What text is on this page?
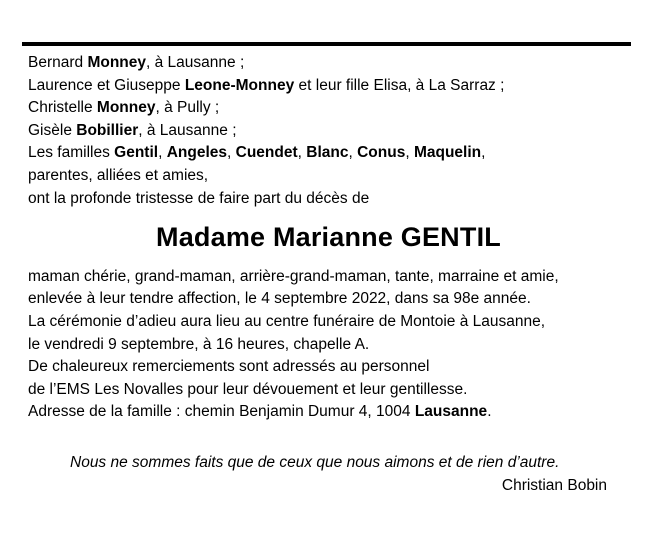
Bernard Monney, à Lausanne ;
Laurence et Giuseppe Leone-Monney et leur fille Elisa, à La Sarraz ;
Christelle Monney, à Pully ;
Gisèle Bobillier, à Lausanne ;
Les familles Gentil, Angeles, Cuendet, Blanc, Conus, Maquelin,
parentes, alliées et amies,
ont la profonde tristesse de faire part du décès de
Madame Marianne GENTIL
maman chérie, grand-maman, arrière-grand-maman, tante, marraine et amie,
enlevée à leur tendre affection, le 4 septembre 2022, dans sa 98e année.
La cérémonie d’adieu aura lieu au centre funéraire de Montoie à Lausanne,
le vendredi 9 septembre, à 16 heures, chapelle A.
De chaleureux remerciements sont adressés au personnel
de l’EMS Les Novalles pour leur dévouement et leur gentillesse.
Adresse de la famille : chemin Benjamin Dumur 4, 1004 Lausanne.
Nous ne sommes faits que de ceux que nous aimons et de rien d’autre.
Christian Bobin
